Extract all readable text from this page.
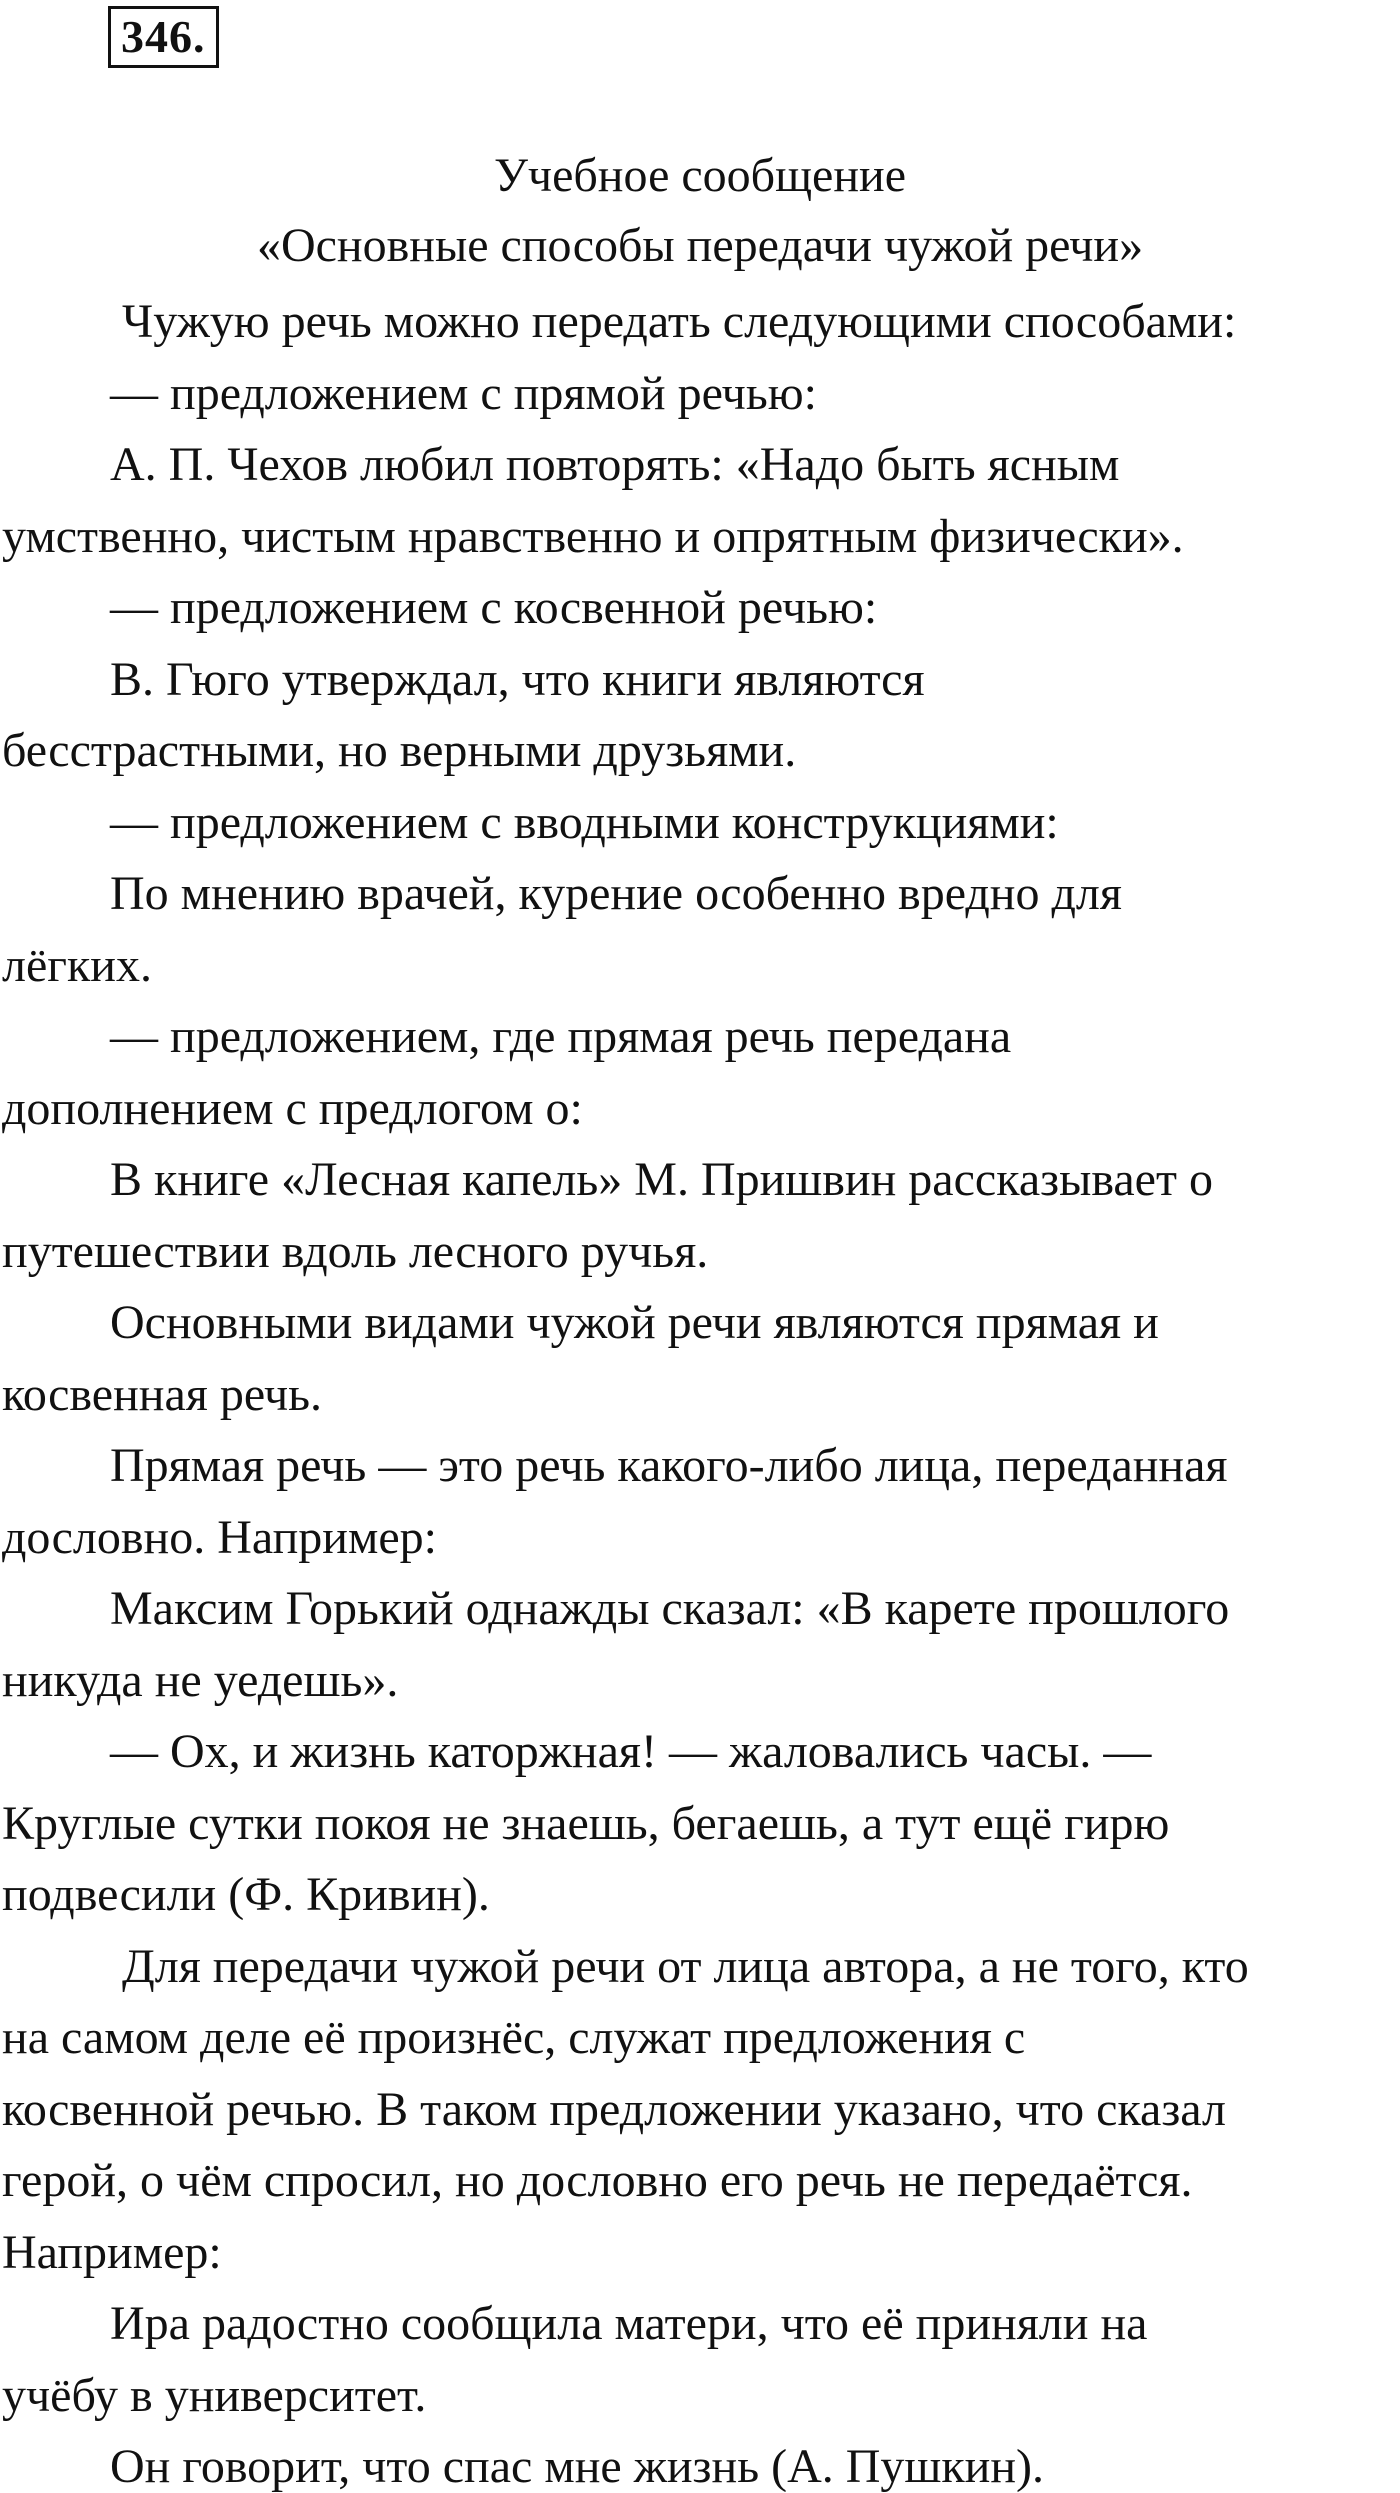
346.
Учебное сообщение
«Основные способы передачи чужой речи»
Чужую речь можно передать следующими способами:
— предложением с прямой речью:
А. П. Чехов любил повторять: «Надо быть ясным
умственно, чистым нравственно и опрятным физически».
— предложением с косвенной речью:
В. Гюго утверждал, что книги являются
бесстрастными, но верными друзьями.
— предложением с вводными конструкциями:
По мнению врачей, курение особенно вредно для
лёгких.
— предложением, где прямая речь передана
дополнением с предлогом о:
В книге «Лесная капель» М. Пришвин рассказывает о
путешествии вдоль лесного ручья.
Основными видами чужой речи являются прямая и
косвенная речь.
Прямая речь — это речь какого-либо лица, переданная
дословно. Например:
Максим Горький однажды сказал: «В карете прошлого
никуда не уедешь».
— Ох, и жизнь каторжная! — жаловались часы. —
Круглые сутки покоя не знаешь, бегаешь, а тут ещё гирю
подвесили (Ф. Кривин).
Для передачи чужой речи от лица автора, а не того, кто
на самом деле её произнёс, служат предложения с
косвенной речью. В таком предложении указано, что сказал
герой, о чём спросил, но дословно его речь не передаётся.
Например:
Ира радостно сообщила матери, что её приняли на
учёбу в университет.
Он говорит, что спас мне жизнь (А. Пушкин).
